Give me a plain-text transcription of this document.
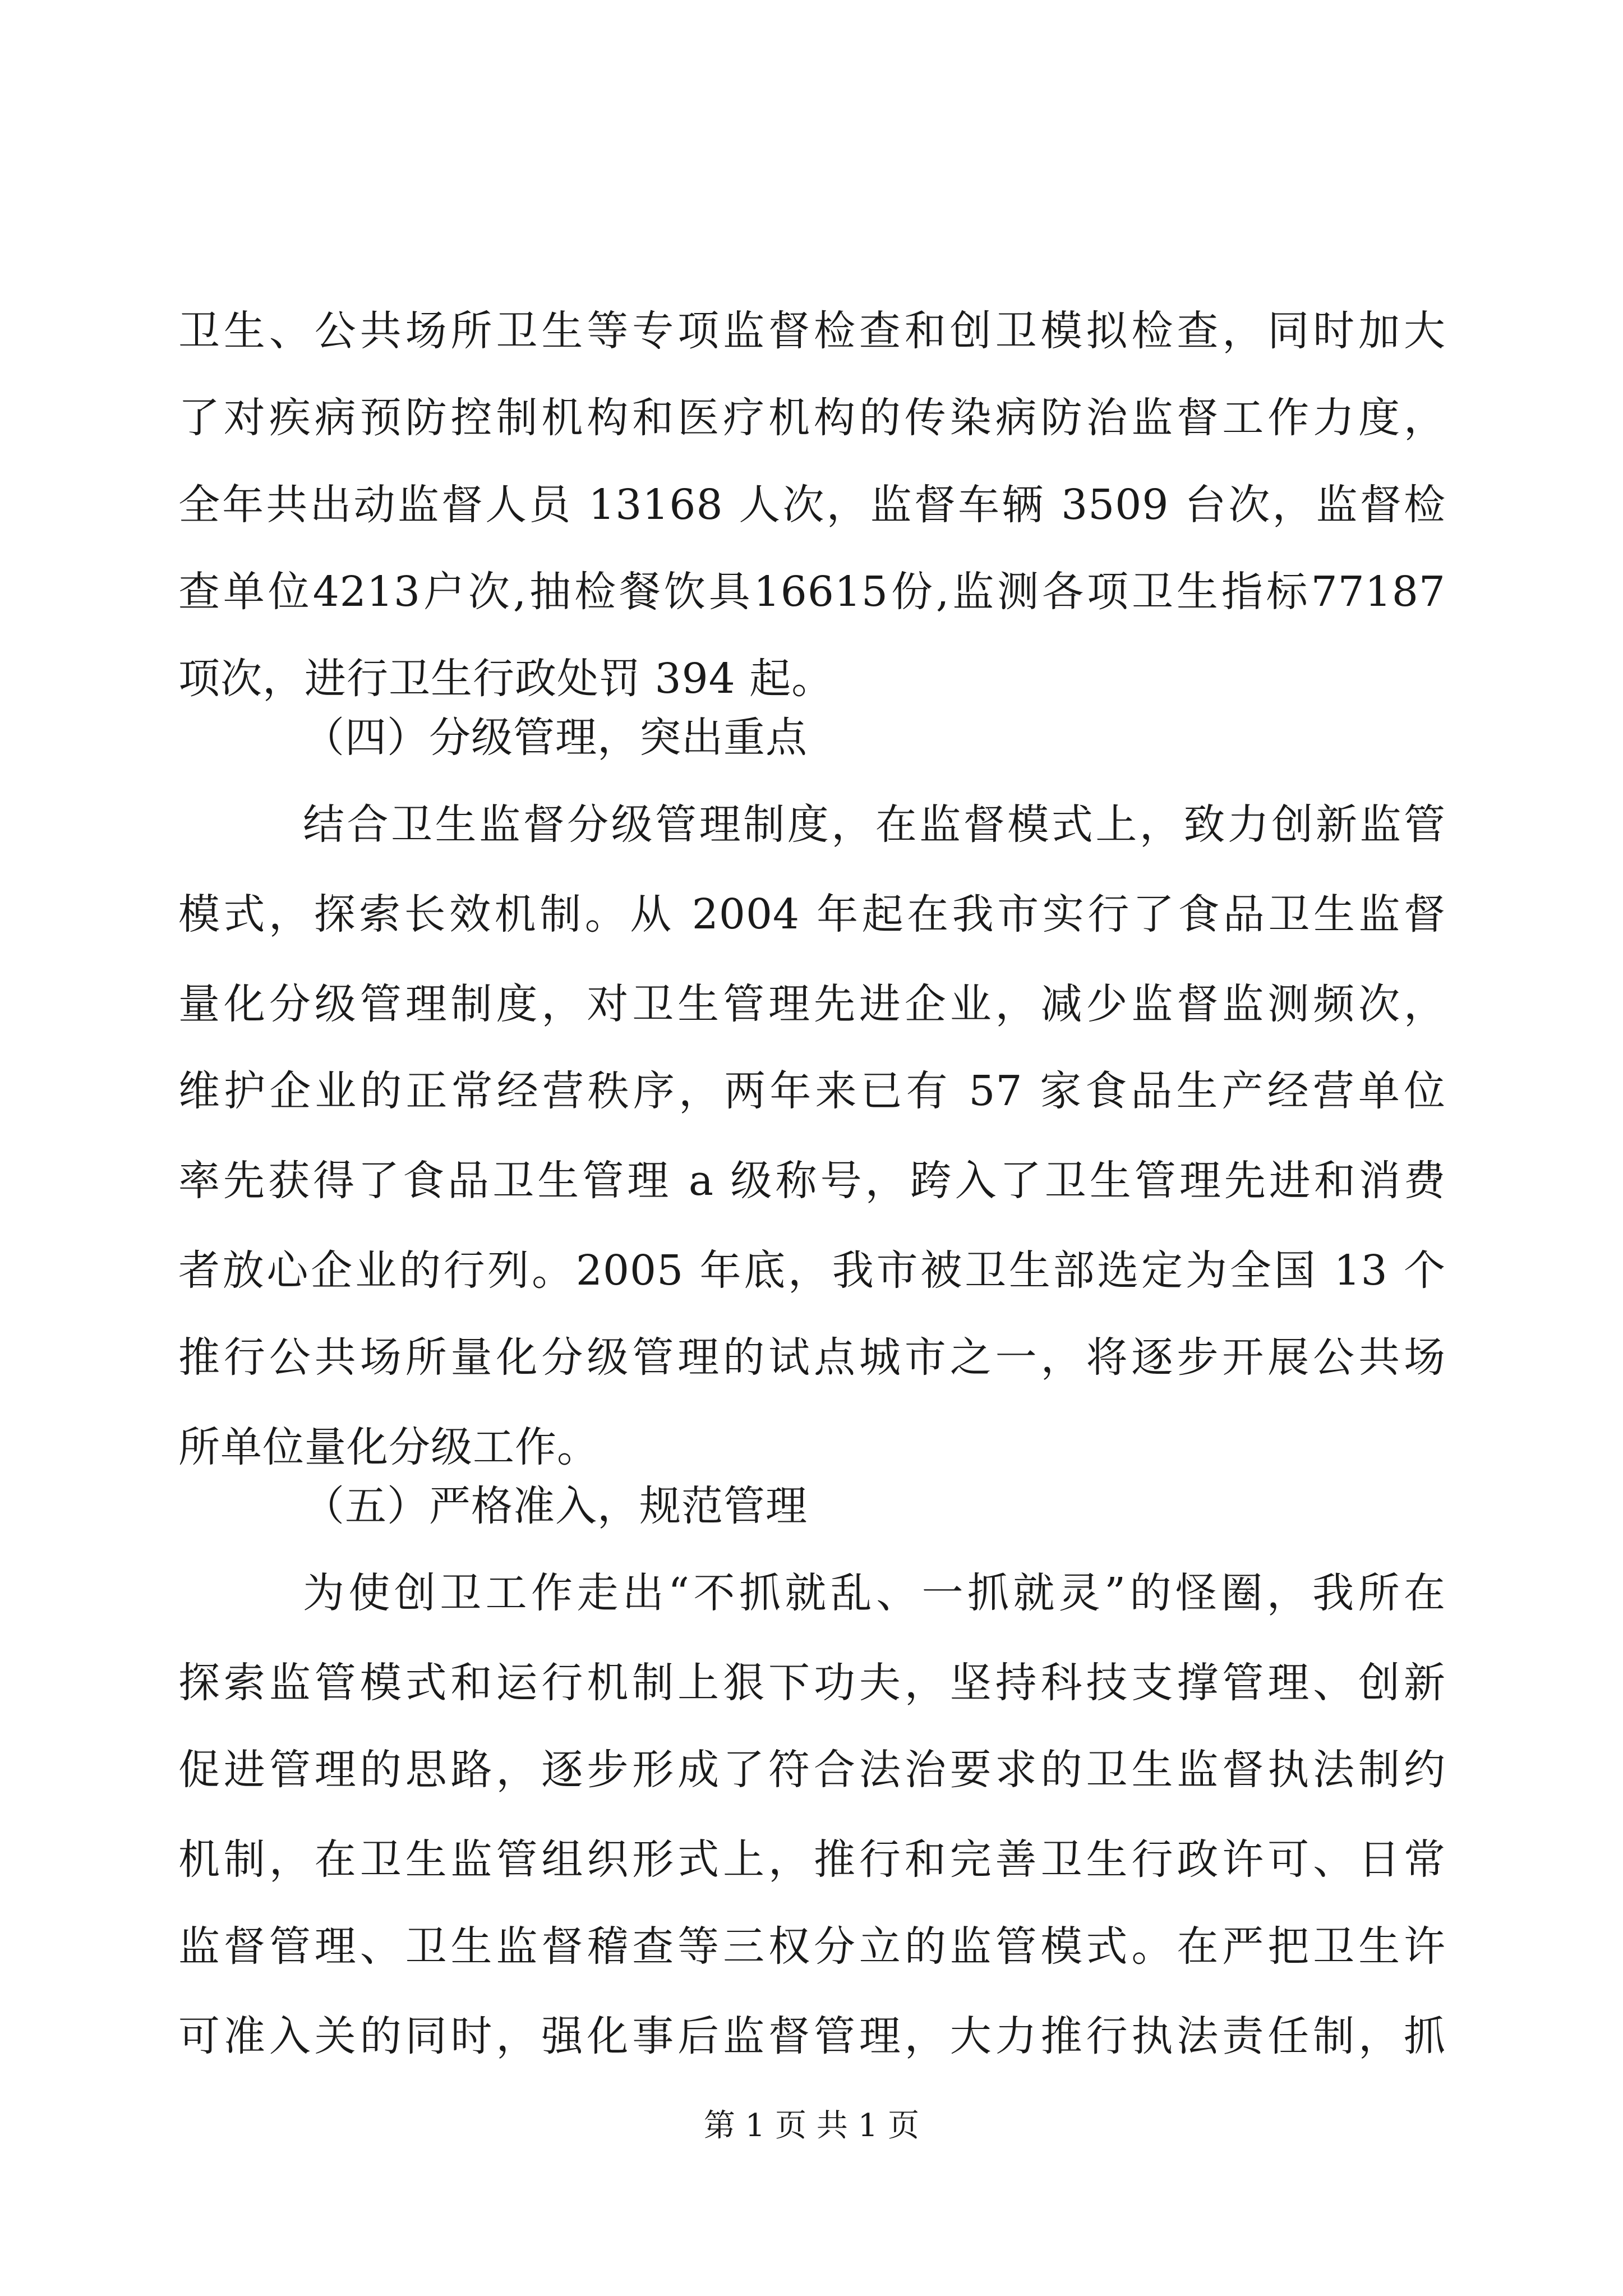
卫生、公共场所卫生等专项监督检查和创卫模拟检查，同时加大
了对疾病预防控制机构和医疗机构的传染病防治监督工作力度，
全年共出动监督人员 13168 人次，监督车辆 3509 台次，监督检
查单位4213户次,抽检餐饮具16615份,监测各项卫生指标77187
项次，进行卫生行政处罚 394 起。
（四）分级管理，突出重点
结合卫生监督分级管理制度，在监督模式上，致力创新监管
模式，探索长效机制。从 2004 年起在我市实行了食品卫生监督
量化分级管理制度，对卫生管理先进企业，减少监督监测频次，
维护企业的正常经营秩序，两年来已有 57 家食品生产经营单位
率先获得了食品卫生管理 a 级称号，跨入了卫生管理先进和消费
者放心企业的行列。2005 年底，我市被卫生部选定为全国 13 个
推行公共场所量化分级管理的试点城市之一，将逐步开展公共场
所单位量化分级工作。
（五）严格准入，规范管理
为使创卫工作走出“不抓就乱、一抓就灵”的怪圈，我所在
探索监管模式和运行机制上狠下功夫，坚持科技支撑管理、创新
促进管理的思路，逐步形成了符合法治要求的卫生监督执法制约
机制，在卫生监管组织形式上，推行和完善卫生行政许可、日常
监督管理、卫生监督稽查等三权分立的监管模式。在严把卫生许
可准入关的同时，强化事后监督管理，大力推行执法责任制，抓
第 1 页 共 1 页
